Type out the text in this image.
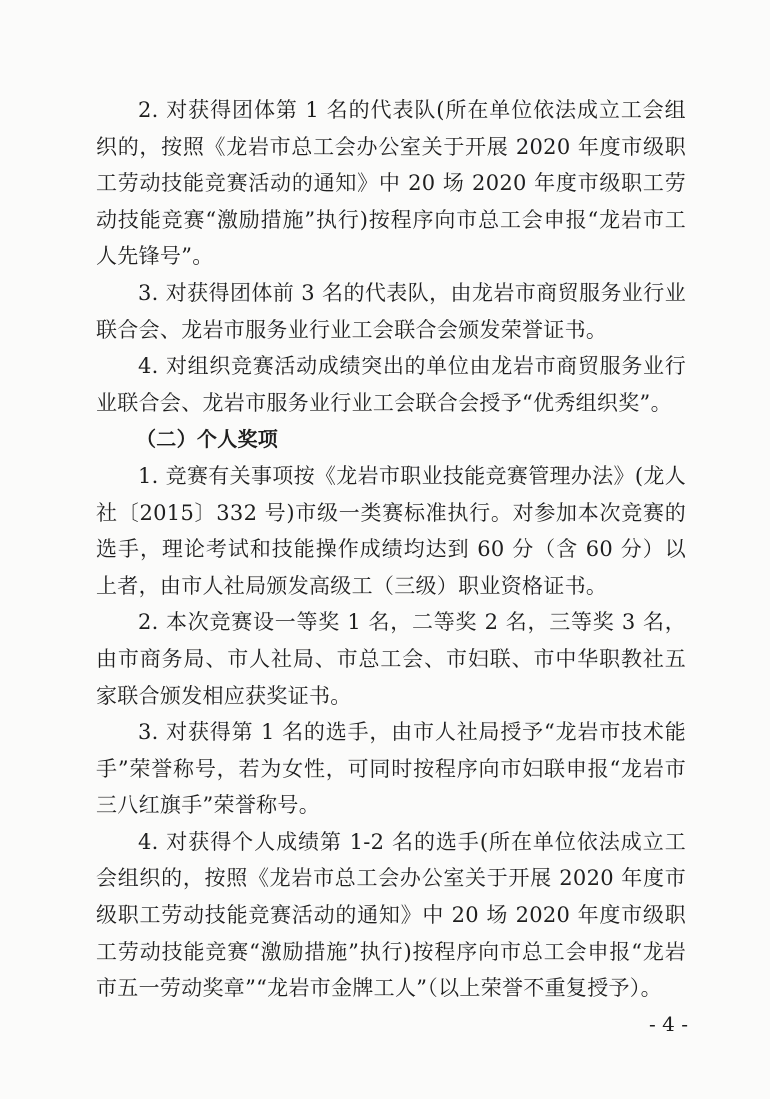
2. 对获得团体第 1 名的代表队(所在单位依法成立工会组织的，按照《龙岩市总工会办公室关于开展 2020 年度市级职工劳动技能竞赛活动的通知》中 20 场 2020 年度市级职工劳动技能竞赛“激励措施”执行)按程序向市总工会申报“龙岩市工人先锋号”。

3. 对获得团体前 3 名的代表队，由龙岩市商贸服务业行业联合会、龙岩市服务业行业工会联合会颁发荣誉证书。

4. 对组织竞赛活动成绩突出的单位由龙岩市商贸服务业行业联合会、龙岩市服务业行业工会联合会授予“优秀组织奖”。

（二）个人奖项

1. 竞赛有关事项按《龙岩市职业技能竞赛管理办法》(龙人社〔2015〕332 号)市级一类赛标准执行。对参加本次竞赛的选手，理论考试和技能操作成绩均达到 60 分（含 60 分）以上者，由市人社局颁发高级工（三级）职业资格证书。

2. 本次竞赛设一等奖 1 名，二等奖 2 名，三等奖 3 名，由市商务局、市人社局、市总工会、市妇联、市中华职教社五家联合颁发相应获奖证书。

3. 对获得第 1 名的选手，由市人社局授予“龙岩市技术能手”荣誉称号，若为女性，可同时按程序向市妇联申报“龙岩市三八红旗手”荣誉称号。

4. 对获得个人成绩第 1-2 名的选手(所在单位依法成立工会组织的，按照《龙岩市总工会办公室关于开展 2020 年度市级职工劳动技能竞赛活动的通知》中 20 场 2020 年度市级职工劳动技能竞赛“激励措施”执行)按程序向市总工会申报“龙岩市五一劳动奖章”“龙岩市金牌工人”（以上荣誉不重复授予）。

- 4 -
